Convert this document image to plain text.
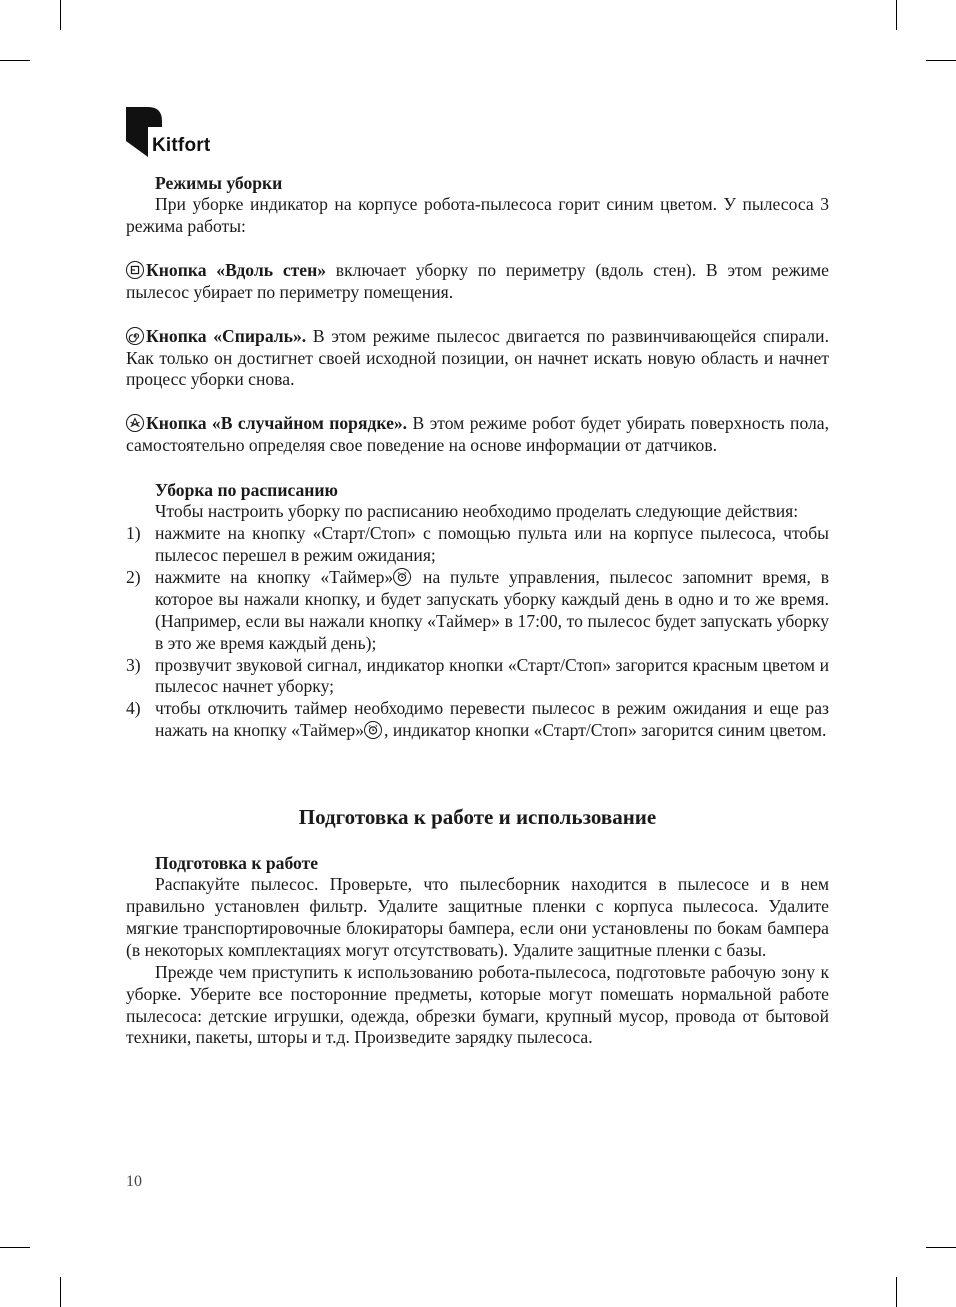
Kitfort
Режимы уборки

При уборке индикатор на корпусе робота-пылесоса горит синим цветом. У пылесоса 3 режима работы:

Кнопка «Вдоль стен» включает уборку по периметру (вдоль стен). В этом режиме пылесос убирает по периметру помещения.

Кнопка «Спираль». В этом режиме пылесос двигается по развинчивающейся спирали. Как только он достигнет своей исходной позиции, он начнет искать новую область и начнет процесс уборки снова.

Кнопка «В случайном порядке». В этом режиме робот будет убирать поверхность пола, самостоятельно определяя свое поведение на основе информации от датчиков.

Уборка по расписанию

Чтобы настроить уборку по расписанию необходимо проделать следующие действия:

1) нажмите на кнопку «Старт/Стоп» с помощью пульта или на корпусе пылесоса, чтобы пылесос перешел в режим ожидания;
2) нажмите на кнопку «Таймер»
на пульте управления, пылесос запомнит время, в которое вы нажали кнопку, и будет запускать уборку каждый день в одно и то же время. (Например, если вы нажали кнопку «Таймер» в 17:00, то пылесос будет запускать уборку в это же время каждый день);
3) прозвучит звуковой сигнал, индикатор кнопки «Старт/Стоп» загорится красным цветом и пылесос начнет уборку;
4) чтобы отключить таймер необходимо перевести пылесос в режим ожидания и еще раз нажать на кнопку «Таймер» , индикатор кнопки «Старт/Стоп» загорится синим цветом.
Подготовка к работе и использование
Подготовка к работе

Распакуйте пылесос. Проверьте, что пылесборник находится в пылесосе и в нем правильно установлен фильтр. Удалите защитные пленки с корпуса пылесоса. Удалите мягкие транспортировочные блокираторы бампера, если они установлены по бокам бампера (в некоторых комплектациях могут отсутствовать). Удалите защитные пленки с базы.

Прежде чем приступить к использованию робота-пылесоса, подготовьте рабочую зону к уборке. Уберите все посторонние предметы, которые могут помешать нормальной работе пылесоса: детские игрушки, одежда, обрезки бумаги, крупный мусор, провода от бытовой техники, пакеты, шторы и т.д. Произведите зарядку пылесоса.

10
